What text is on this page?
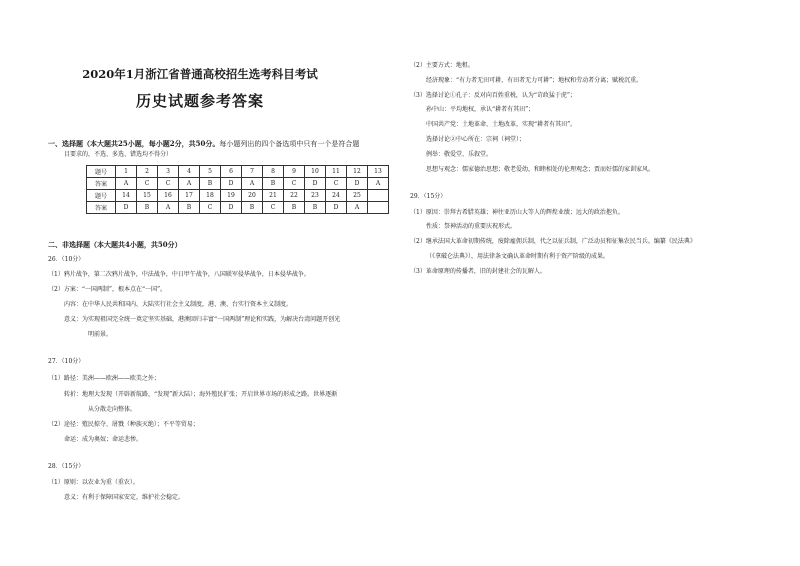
2020年1月浙江省普通高校招生选考科目考试
历史试题参考答案
一、选择题（本大题共25小题，每小题2分，共50分。每小题列出的四个备选项中只有一个是符合题
目要求的，不选、多选、错选均不得分）
题号	1	2	3	4	5	6	7	8	9	10	11	12	13
答案	A	C	C	A	B	D	A	B	C	D	C	D	A
题号	14	15	16	17	18	19	20	21	22	23	24	25	
答案	D	B	A	B	C	D	B	C	B	B	D	A	
二、非选择题（本大题共4小题，共50分）
26．（10分）
（1）鸦片战争，第二次鸦片战争，中法战争，中日甲午战争，八国联军侵华战争，日本侵华战争。
（2）方案：“一国两制”，根本点在“一国”。
内容：在中华人民共和国内，大陆实行社会主义制度，港、澳、台实行资本主义制度。
意义：为实现祖国完全统一奠定坚实基础，港澳回归丰富“一国两制”理论和实践，为解决台湾问题开创光
明前景。
27．（10分）
（1）路径：美洲——欧洲——欧美之外；
转折：地理大发现（开辟新航路，“发现”新大陆）；海外殖民扩张；开启世界市场的形成之路。世界逐渐
从分散走向整体。
（2）途径：殖民掠夺、屠戮（种族灭绝）；不平等贸易；
命运：成为奥奴；命运悲惨。
28．（15分）
（1）原则：以农业为重（重农）。
意义：有利于保障国家安定，维护社会稳定。
（2）主要方式：地租。
经济现象：“有力者无田可耕，有田者无力可耕”；地权和劳动者分离；赋税沉重。
（3）选择讨论①孔子：反对向百姓重税，认为“苛政猛于虎”；
孙中山：平均地权，承认“耕者有其田”；
中国共产党：土地革命、土地改革，实现“耕者有其田”。
选择讨论②中心所在：宗祠（祠堂）；
例举：敬爱堂、乐叙堂。
思想与观念：儒家德治思想；敬老爱幼，和睦相处的伦理观念；贾而好儒的家训家风。
29．（15分）
（1）原因：崇拜古希腊英雄；神往亚历山大等人的辉煌业绩；远大的政治抱负。
性质：祭神活动的重要庆祝形式。
（2）继承法国大革命初期传统，废除雇佣兵制，代之以征兵制，广泛动员和征集农民当兵。编纂《民法典》
（《拿破仑法典》），用法律条文确认革命时期有利于资产阶级的成果。
（3）革命原理的传播者，旧的封建社会的瓦解人。
